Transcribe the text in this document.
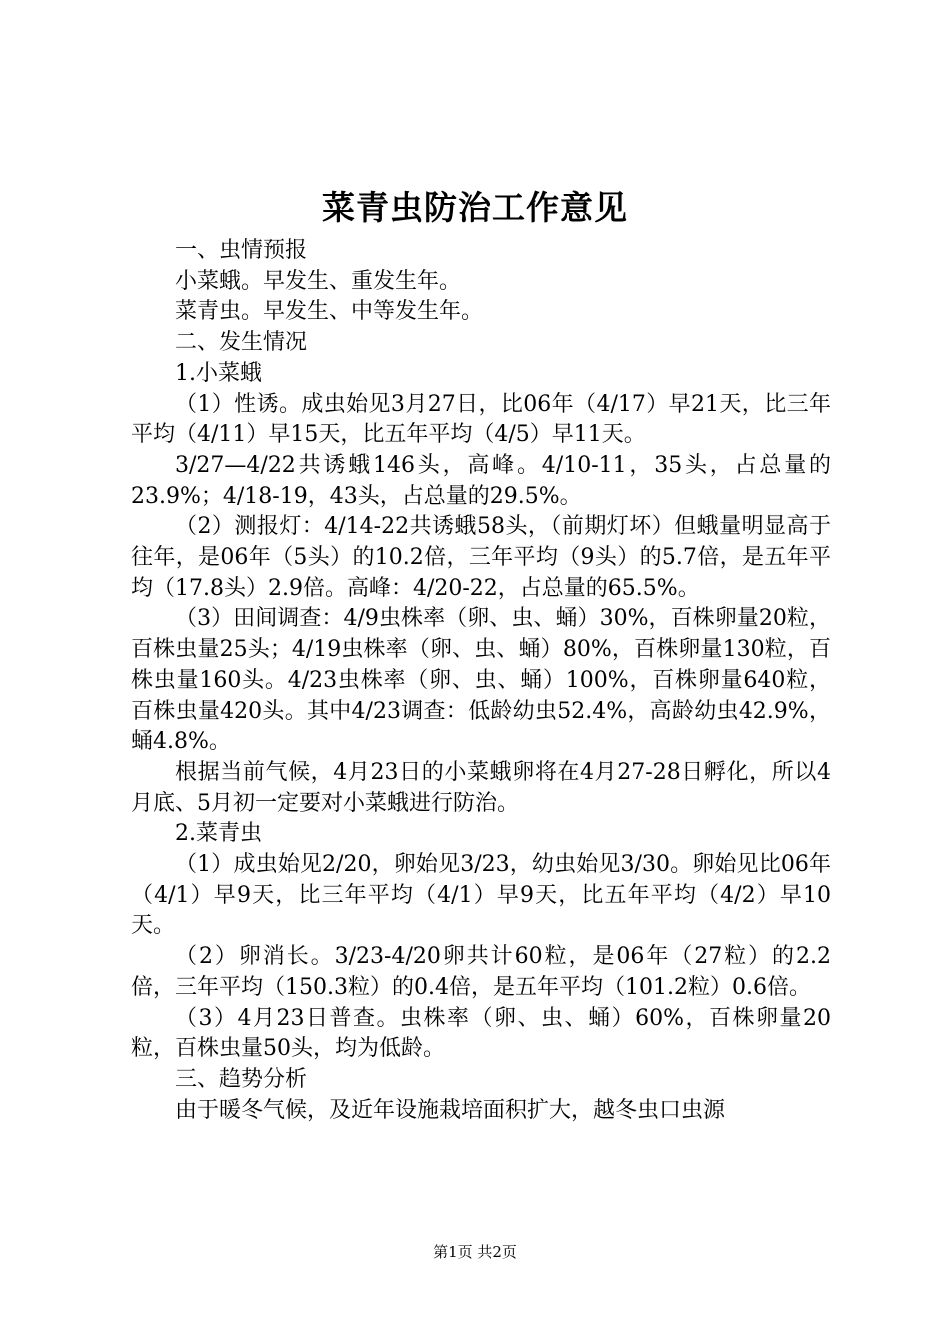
菜青虫防治工作意见

一、虫情预报

小菜蛾。早发生、重发生年。

菜青虫。早发生、中等发生年。

二、发生情况

1.小菜蛾

（1）性诱。成虫始见3月27日，比06年（4/17）早21天，比三年平均（4/11）早15天，比五年平均（4/5）早11天。

3/27—4/22共诱蛾146头，高峰。4/10-11，35头，占总量的23.9%；4/18-19，43头，占总量的29.5%。

（2）测报灯：4/14-22共诱蛾58头，（前期灯坏）但蛾量明显高于往年，是06年（5头）的10.2倍，三年平均（9头）的5.7倍，是五年平均（17.8头）2.9倍。高峰：4/20-22，占总量的65.5%。

（3）田间调查：4/9虫株率（卵、虫、蛹）30%，百株卵量20粒，百株虫量25头；4/19虫株率（卵、虫、蛹）80%，百株卵量130粒，百株虫量160头。4/23虫株率（卵、虫、蛹）100%，百株卵量640粒，百株虫量420头。其中4/23调查：低龄幼虫52.4%，高龄幼虫42.9%，蛹4.8%。

根据当前气候，4月23日的小菜蛾卵将在4月27-28日孵化，所以4月底、5月初一定要对小菜蛾进行防治。

2.菜青虫

（1）成虫始见2/20，卵始见3/23，幼虫始见3/30。卵始见比06年（4/1）早9天，比三年平均（4/1）早9天，比五年平均（4/2）早10天。

（2）卵消长。3/23-4/20卵共计60粒，是06年（27粒）的2.2倍，三年平均（150.3粒）的0.4倍，是五年平均（101.2粒）0.6倍。

（3）4月23日普查。虫株率（卵、虫、蛹）60%，百株卵量20粒，百株虫量50头，均为低龄。

三、趋势分析

由于暖冬气候，及近年设施栽培面积扩大，越冬虫口虫源

第1页 共2页
